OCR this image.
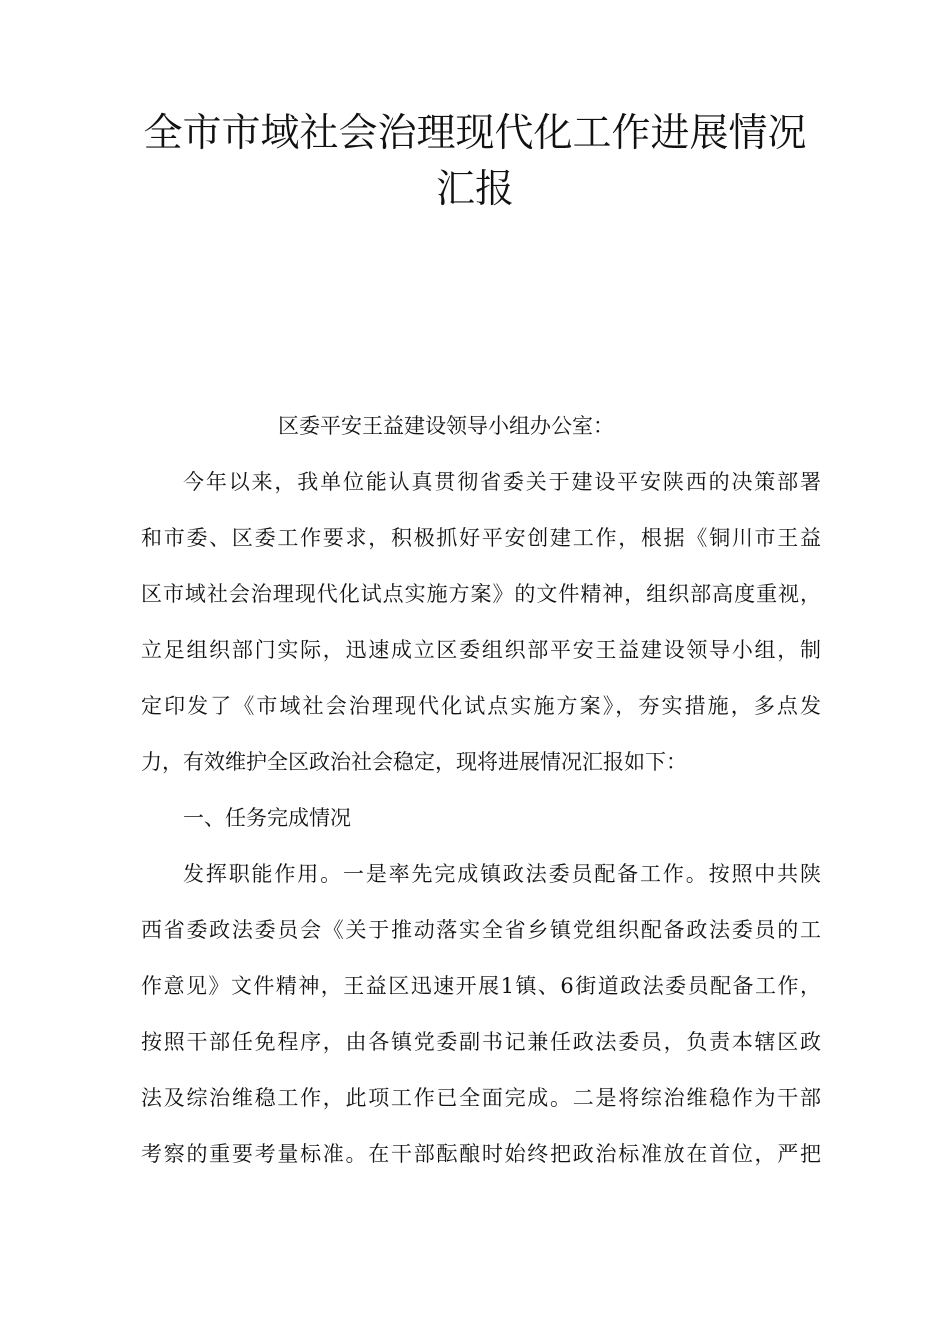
全市市域社会治理现代化工作进展情况
汇报
区委平安王益建设领导小组办公室：
今年以来，我单位能认真贯彻省委关于建设平安陕西的决策部署
和市委、区委工作要求，积极抓好平安创建工作，根据《铜川市王益
区市域社会治理现代化试点实施方案》的文件精神，组织部高度重视，
立足组织部门实际，迅速成立区委组织部平安王益建设领导小组，制
定印发了《市域社会治理现代化试点实施方案》，夯实措施，多点发
力，有效维护全区政治社会稳定，现将进展情况汇报如下：
一、任务完成情况
发挥职能作用。一是率先完成镇政法委员配备工作。按照中共陕
西省委政法委员会《关于推动落实全省乡镇党组织配备政法委员的工
作意见》文件精神，王益区迅速开展1镇、6街道政法委员配备工作，
按照干部任免程序，由各镇党委副书记兼任政法委员，负责本辖区政
法及综治维稳工作，此项工作已全面完成。二是将综治维稳作为干部
考察的重要考量标准。在干部酝酿时始终把政治标准放在首位，严把
